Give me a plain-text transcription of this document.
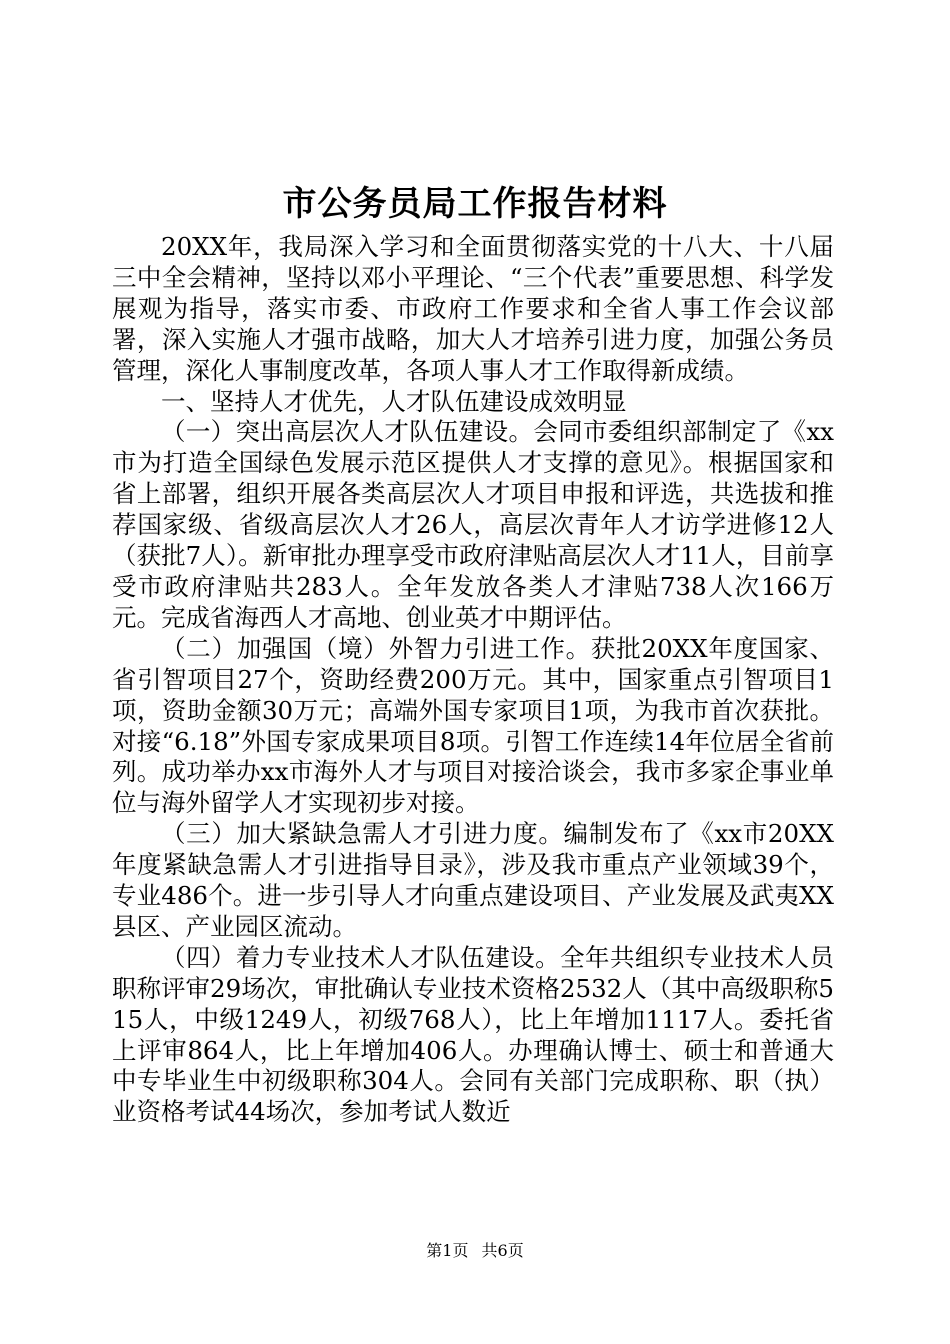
市公务员局工作报告材料

20XX年，我局深入学习和全面贯彻落实党的十八大、十八届三中全会精神，坚持以邓小平理论、“三个代表”重要思想、科学发展观为指导，落实市委、市政府工作要求和全省人事工作会议部署，深入实施人才强市战略，加大人才培养引进力度，加强公务员管理，深化人事制度改革，各项人事人才工作取得新成绩。

一、坚持人才优先，人才队伍建设成效明显

（一）突出高层次人才队伍建设。会同市委组织部制定了《xx市为打造全国绿色发展示范区提供人才支撑的意见》。根据国家和省上部署，组织开展各类高层次人才项目申报和评选，共选拔和推荐国家级、省级高层次人才26人，高层次青年人才访学进修12人（获批7人）。新审批办理享受市政府津贴高层次人才11人，目前享受市政府津贴共283人。全年发放各类人才津贴738人次166万元。完成省海西人才高地、创业英才中期评估。

（二）加强国（境）外智力引进工作。获批20XX年度国家、省引智项目27个，资助经费200万元。其中，国家重点引智项目1项，资助金额30万元；高端外国专家项目1项，为我市首次获批。对接“6.18”外国专家成果项目8项。引智工作连续14年位居全省前列。成功举办xx市海外人才与项目对接洽谈会，我市多家企事业单位与海外留学人才实现初步对接。

（三）加大紧缺急需人才引进力度。编制发布了《xx市20XX年度紧缺急需人才引进指导目录》，涉及我市重点产业领域39个，专业486个。进一步引导人才向重点建设项目、产业发展及武夷XX县区、产业园区流动。

（四）着力专业技术人才队伍建设。全年共组织专业技术人员职称评审29场次，审批确认专业技术资格2532人（其中高级职称515人，中级1249人，初级768人），比上年增加1117人。委托省上评审864人，比上年增加406人。办理确认博士、硕士和普通大中专毕业生中初级职称304人。会同有关部门完成职称、职（执）业资格考试44场次，参加考试人数近

第1页 共6页
